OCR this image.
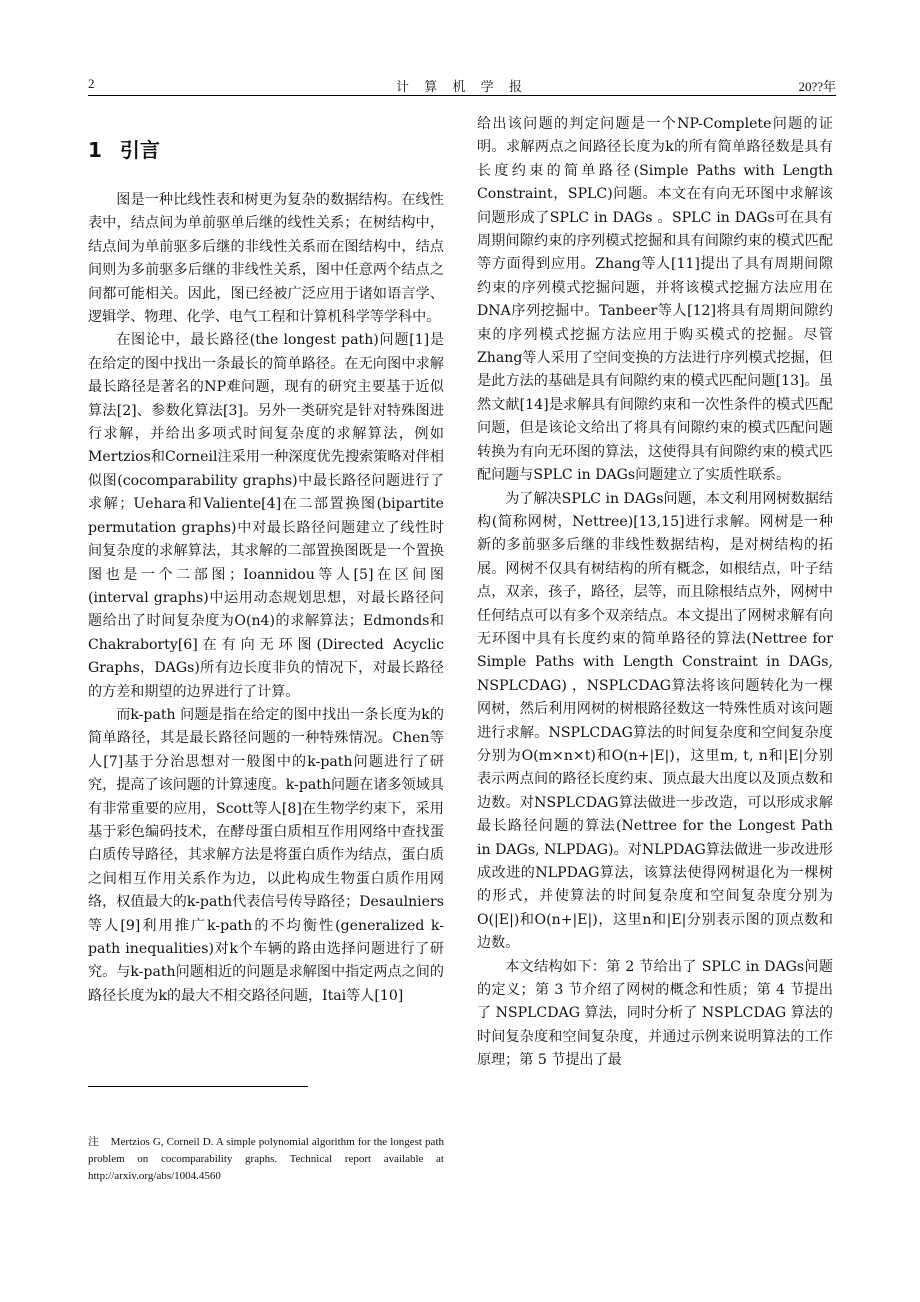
2	计 算 机 学 报	20??年
1 引言

图是一种比线性表和树更为复杂的数据结构。在线性表中，结点间为单前驱单后继的线性关系；在树结构中，结点间为单前驱多后继的非线性关系而在图结构中，结点间则为多前驱多后继的非线性关系，图中任意两个结点之间都可能相关。因此，图已经被广泛应用于诸如语言学、逻辑学、物理、化学、电气工程和计算机科学等学科中。

在图论中，最长路径(the longest path)问题[1]是在给定的图中找出一条最长的简单路径。在无向图中求解最长路径是著名的NP难问题，现有的研究主要基于近似算法[2]、参数化算法[3]。另外一类研究是针对特殊图进行求解，并给出多项式时间复杂度的求解算法，例如Mertzios和Corneil注采用一种深度优先搜索策略对伴相似图(cocomparability graphs)中最长路径问题进行了求解；Uehara和Valiente[4]在二部置换图(bipartite permutation graphs)中对最长路径问题建立了线性时间复杂度的求解算法，其求解的二部置换图既是一个置换图也是一个二部图；Ioannidou等人[5]在区间图(interval graphs)中运用动态规划思想，对最长路径问题给出了时间复杂度为O(n4)的求解算法；Edmonds和Chakraborty[6]在有向无环图(Directed Acyclic Graphs，DAGs)所有边长度非负的情况下，对最长路径的方差和期望的边界进行了计算。

而k-path 问题是指在给定的图中找出一条长度为k的简单路径，其是最长路径问题的一种特殊情况。Chen等人[7]基于分治思想对一般图中的k-path问题进行了研究，提高了该问题的计算速度。k-path问题在诸多领域具有非常重要的应用，Scott等人[8]在生物学约束下，采用基于彩色编码技术，在酵母蛋白质相互作用网络中查找蛋白质传导路径，其求解方法是将蛋白质作为结点，蛋白质之间相互作用关系作为边，以此构成生物蛋白质作用网络，权值最大的k-path代表信号传导路径；Desaulniers等人[9]利用推广k-path的不均衡性(generalized k-path inequalities)对k个车辆的路由选择问题进行了研究。与k-path问题相近的问题是求解图中指定两点之间的路径长度为k的最大不相交路径问题，Itai等人[10]

给出该问题的判定问题是一个NP-Complete问题的证明。求解两点之间路径长度为k的所有简单路径数是具有长度约束的简单路径(Simple Paths with Length Constraint，SPLC)问题。本文在有向无环图中求解该问题形成了SPLC in DAGs 。SPLC in DAGs可在具有周期间隙约束的序列模式挖掘和具有间隙约束的模式匹配等方面得到应用。Zhang等人[11]提出了具有周期间隙约束的序列模式挖掘问题，并将该模式挖掘方法应用在DNA序列挖掘中。Tanbeer等人[12]将具有周期间隙约束的序列模式挖掘方法应用于购买模式的挖掘。尽管Zhang等人采用了空间变换的方法进行序列模式挖掘，但是此方法的基础是具有间隙约束的模式匹配问题[13]。虽然文献[14]是求解具有间隙约束和一次性条件的模式匹配问题，但是该论文给出了将具有间隙约束的模式匹配问题转换为有向无环图的算法，这使得具有间隙约束的模式匹配问题与SPLC in DAGs问题建立了实质性联系。

为了解决SPLC in DAGs问题，本文利用网树数据结构(简称网树，Nettree)[13,15]进行求解。网树是一种新的多前驱多后继的非线性数据结构，是对树结构的拓展。网树不仅具有树结构的所有概念，如根结点，叶子结点，双亲，孩子，路径，层等，而且除根结点外，网树中任何结点可以有多个双亲结点。本文提出了网树求解有向无环图中具有长度约束的简单路径的算法(Nettree for Simple Paths with Length Constraint in DAGs, NSPLCDAG) ，NSPLCDAG算法将该问题转化为一棵网树，然后利用网树的树根路径数这一特殊性质对该问题进行求解。NSPLCDAG算法的时间复杂度和空间复杂度分别为O(m×n×t)和O(n+|E|)，这里m, t, n和|E|分别表示两点间的路径长度约束、顶点最大出度以及顶点数和边数。对NSPLCDAG算法做进一步改造，可以形成求解最长路径问题的算法(Nettree for the Longest Path in DAGs, NLPDAG)。对NLPDAG算法做进一步改进形成改进的NLPDAG算法，该算法使得网树退化为一棵树的形式，并使算法的时间复杂度和空间复杂度分别为O(|E|)和O(n+|E|)，这里n和|E|分别表示图的顶点数和边数。

本文结构如下：第 2 节给出了 SPLC in DAGs问题的定义；第 3 节介绍了网树的概念和性质；第 4 节提出了 NSPLCDAG 算法，同时分析了 NSPLCDAG 算法的时间复杂度和空间复杂度，并通过示例来说明算法的工作原理；第 5 节提出了最

注　Mertzios G, Corneil D. A simple polynomial algorithm for the longest path problem on cocomparability graphs. Technical report available at http://arxiv.org/abs/1004.4560
